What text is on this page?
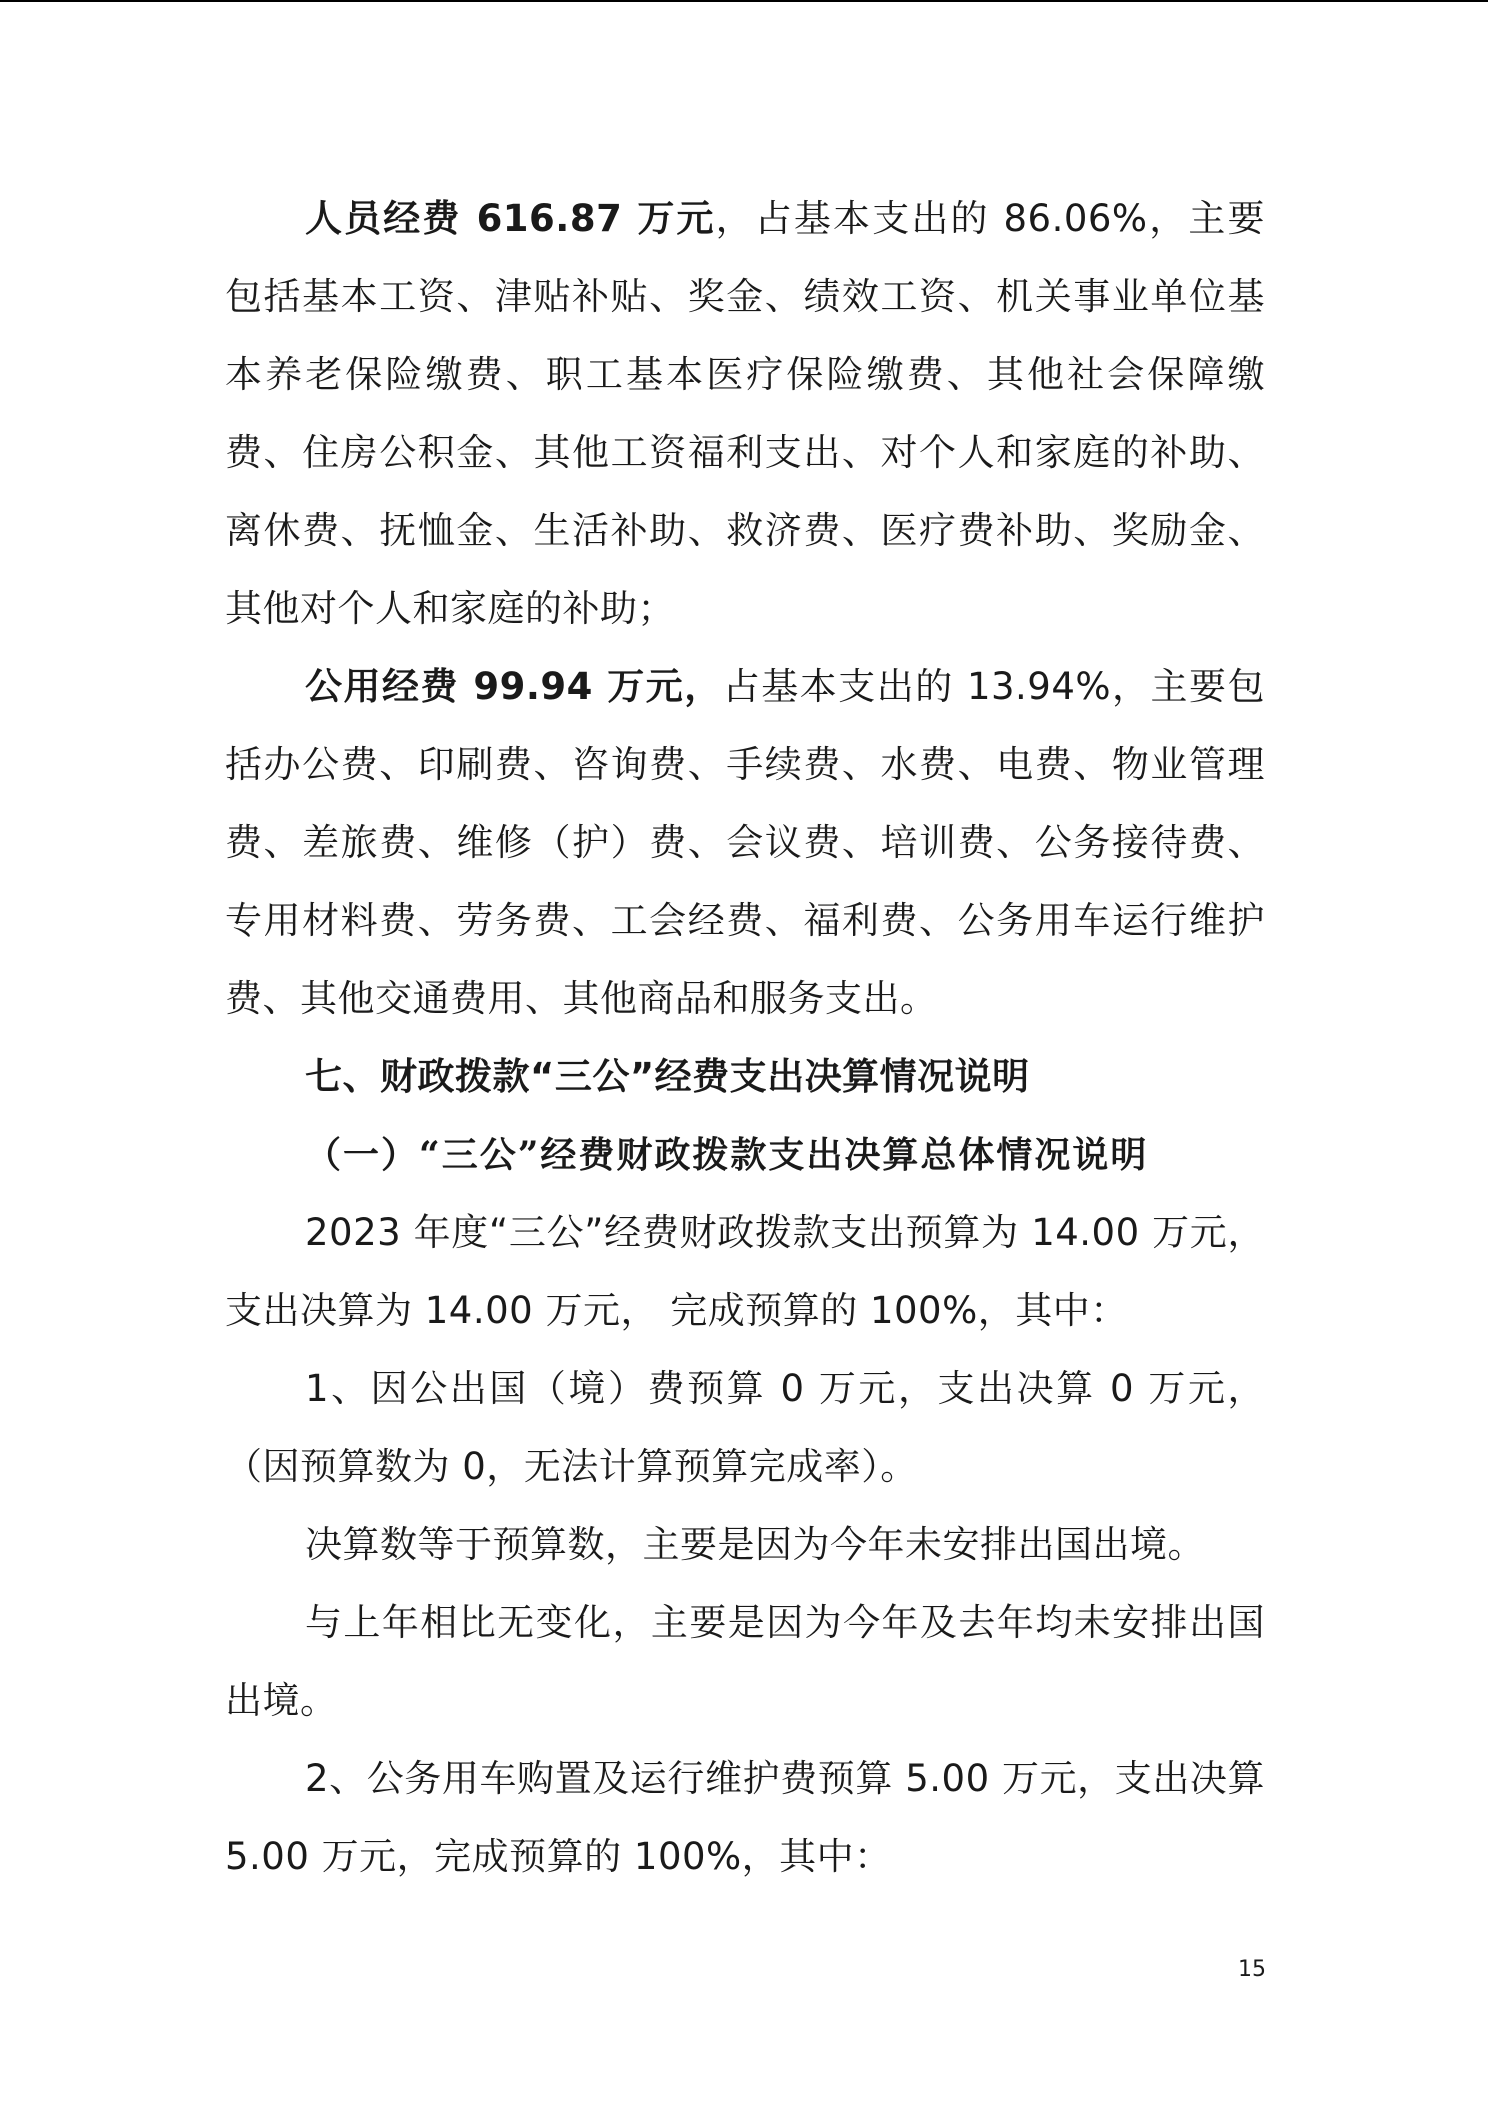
人员经费 616.87 万元，占基本支出的 86.06%，主要包括基本工资、津贴补贴、奖金、绩效工资、机关事业单位基本养老保险缴费、职工基本医疗保险缴费、其他社会保障缴费、住房公积金、其他工资福利支出、对个人和家庭的补助、离休费、抚恤金、生活补助、救济费、医疗费补助、奖励金、其他对个人和家庭的补助；

公用经费 99.94 万元，占基本支出的 13.94%，主要包括办公费、印刷费、咨询费、手续费、水费、电费、物业管理费、差旅费、维修（护）费、会议费、培训费、公务接待费、专用材料费、劳务费、工会经费、福利费、公务用车运行维护费、其他交通费用、其他商品和服务支出。

七、财政拨款“三公”经费支出决算情况说明

（一）“三公”经费财政拨款支出决算总体情况说明

2023 年度“三公”经费财政拨款支出预算为 14.00 万元，支出决算为 14.00 万元， 完成预算的 100%，其中：

1、因公出国（境）费预算 0 万元，支出决算 0 万元，（因预算数为 0，无法计算预算完成率）。

决算数等于预算数，主要是因为今年未安排出国出境。

与上年相比无变化，主要是因为今年及去年均未安排出国出境。

2、公务用车购置及运行维护费预算 5.00 万元，支出决算 5.00 万元，完成预算的 100%，其中：

15
